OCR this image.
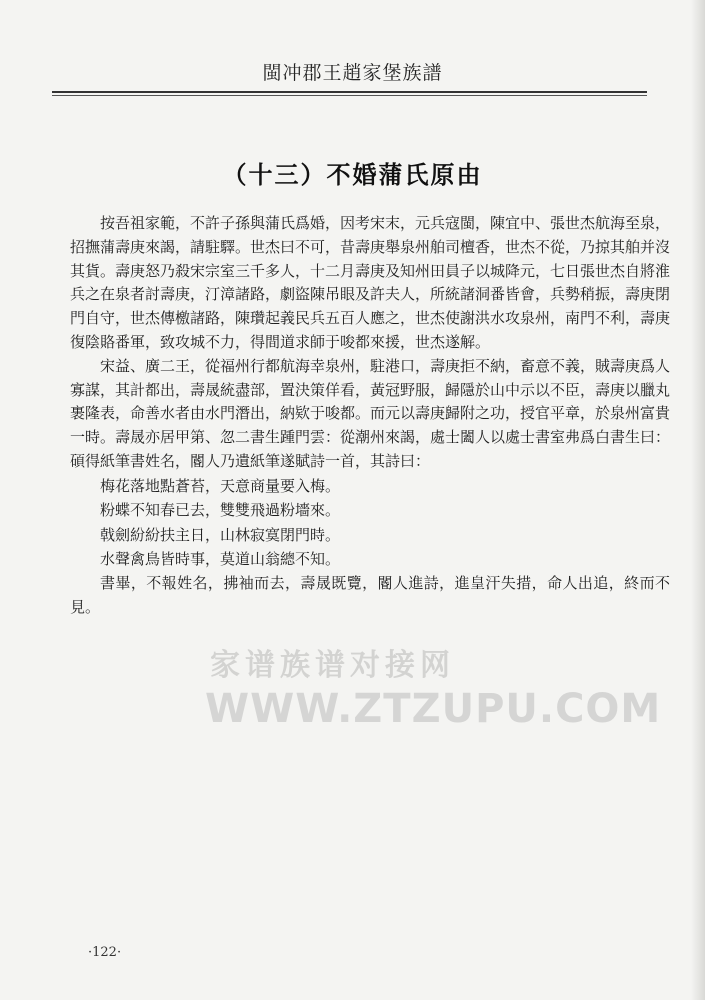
閩冲郡王趙家堡族譜
（十三）不婚蒲氏原由

按吾祖家範，不許子孫與蒲氏爲婚，因考宋末，元兵寇閩，陳宜中、張世杰航海至泉，招撫蒲壽庚來謁，請駐驛。世杰曰不可，昔壽庚舉泉州舶司檀香，世杰不從，乃掠其舶并沒其貨。壽庚怒乃殺宋宗室三千多人，十二月壽庚及知州田員子以城降元，七日張世杰自將淮兵之在泉者討壽庚，汀漳諸路，劇盜陳吊眼及許夫人，所統諸洞番皆會，兵勢稍振，壽庚閉門自守，世杰傳檄諸路，陳瓚起義民兵五百人應之，世杰使謝洪水攻泉州，南門不利，壽庚復陰賂番軍，致攻城不力，得間道求師于唆都來援，世杰遂解。

宋益、廣二王，從福州行都航海幸泉州，駐港口，壽庚拒不納，畜意不義，賊壽庚爲人寡謀，其計都出，壽晟統盡部，置決策佯看，黃冠野服，歸隱於山中示以不臣，壽庚以臘丸裹隆表，命善水者由水門潛出，納欵于唆都。而元以壽庚歸附之功，授官平章，於泉州富貴一時。壽晟亦居甲第、忽二書生踵門雲：從潮州來謁，處士闔人以處士書室弗爲白書生曰：碩得紙筆書姓名，閽人乃遺紙筆遂賦詩一首，其詩曰：

梅花落地點蒼苔，天意商量要入梅。

粉蝶不知春已去，雙雙飛過粉墻來。

戟劍紛紛扶主日，山林寂寞閉門時。

水聲禽鳥皆時事，莫道山翁總不知。

書畢，不報姓名，拂袖而去，壽晟既覽，閽人進詩，進皇汗失措，命人出追，終而不見。

家谱族谱对接网
WWW.ZTZUPU.COM
·122·
